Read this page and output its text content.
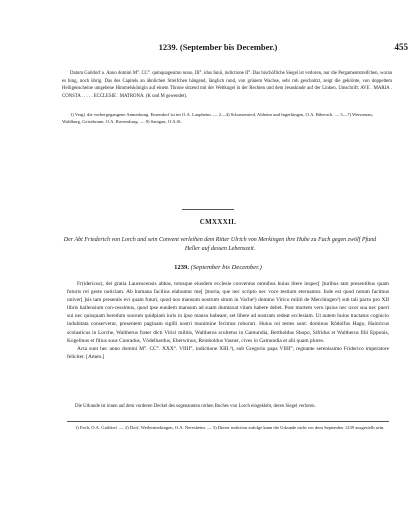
1239. (September bis December.)	455

Datum Gaildorf a. Anno domini M°. CC°. quinquagesimo nono, III°. idus Iunii, indictione II°. Das bischöfliche Siegel ist verloren, nur die Pergamentstreifchen, woran es hing, noch übrig. Das des Capitels an ähnlichen Streifchen hängend, länglich rund, von grünem Wachse, sehr roh geschnitzt, zeigt die gekrönte, von doppeltem Heiligenscheine umgebene Himmelskönigin auf einem Throne sitzend mit der Weltkugel in der Rechten und dem Jesuskinde auf der Linken. Umschrift: AVE . MARIA . CONSTA . . . . . ECCLESIE . MATRONA. (K und M gewendet).

1) Vergl. die vorhergegangene Anmerkung. Ensendorf ist im O.A. Laupheim. — 2—4) Schussenried, Altheim und Ingerkingen, O.A. Biberach. — 5—7) Weissenau, Waldburg, Geisebrunn, O.A. Ravensburg. — 8) Sauigau, O.A.Sl.

CMXXXII.

Der Abt Friederich von Lorch und sein Convent verleihen dem Ritter Ulrich von Merkingen ihre Hube zu Fach gegen zwölf Pfund Heller auf dessen Lebenszeit.

1239. (September bis December.)

Fr(idericus), dei gratia Laureacensis abbas, totusque eiusdem ecclesie conventus omnibus huius litere inspec[ ]turibus tam presentibus quam futuris rei geste noticiam. Ab humana facilius elabuntur me[ ]moria, que nec scripto nec voce testium eternantur. Inde est quod notum facimus univer[ ]sis tam presentis evi quam futuri, quod nos mansum nostrum situm in Vache¹) domino Virico militi de Merchingen²) sub tali pacto pro XII libris hallensium con-cessimus, quod ipse eundem mansum ad suam dumtaxat vitam habere debet. Post mortem vero ipsius nec uxor sua nec pueri sui nec quisquam heredum suorum quidpiam iuris in ipso manso habeant, set libere ad nostram redeat ecclesiam. Ut autem huius tractatus cognicio indubitata conservetur, presentem paginam sigilli nostri munimine fecimus roborari. Huius rei testes sunt: dominus Rôdolfus Hago, Hainricus scolasticus in Lorche, Waltherus frater dicti Virici militis, Waltherus scultetus in Gamundia, Bertholdus Shopo, Sifridus et Waltherus filii Epponis, Kogelinus et filius suus Cunradus, Vôdelhardus, Eberwinus, Reinboldus Vasner, cives in Gamundia et alii quam plures.

Acta sunt hec anno domini M°. CC°. XXX°. VIIII°, indictione XIII.³), sub Gregorio papa VIIII°, regnante serenissimo Friderico imperatore feliciter. [Amen.]

Die Urkunde ist innen auf dem vorderen Deckel des sogenannten rothen Buches von Lorch eingeklebt, deren Siegel verloren.

1) Fach, O.A. Gaildorf. — 2) Dorf, Weilermerkingen, O.A. Neresheim. — 3) Dieser indiction zufolge kann die Urkunde nicht vor dem September 1239 ausgestellt sein.
